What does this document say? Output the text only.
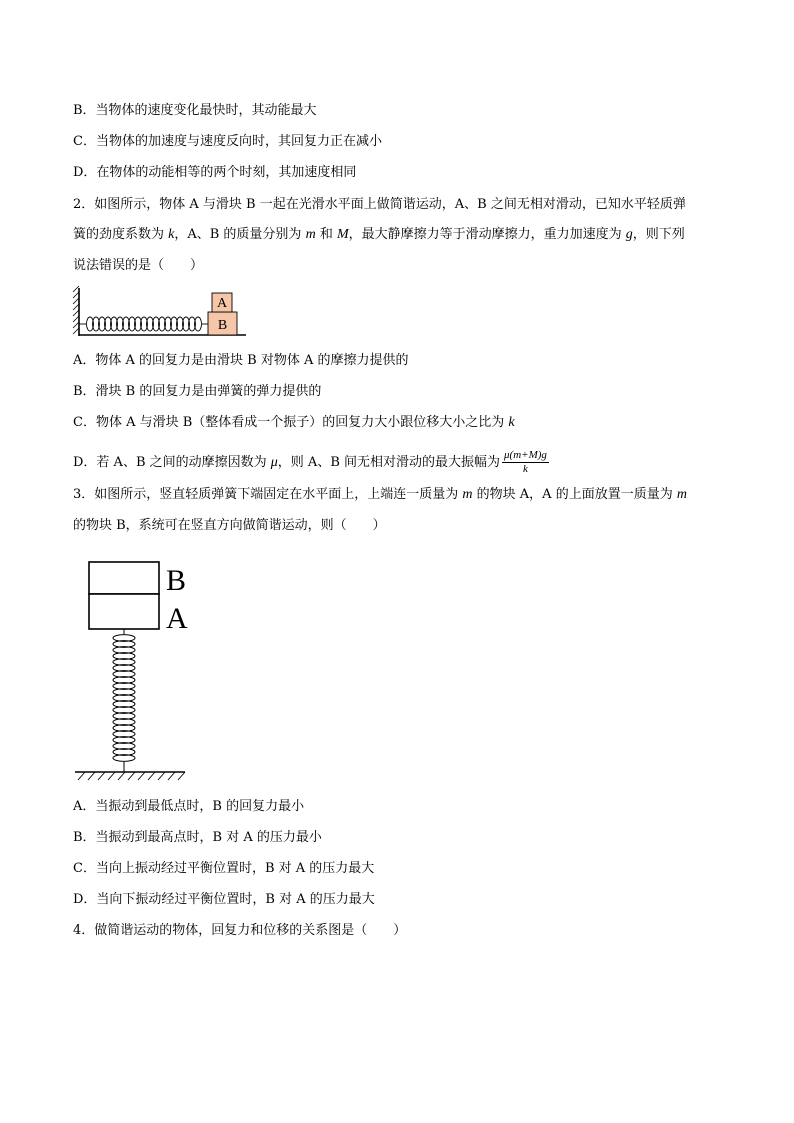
B．当物体的速度变化最快时，其动能最大
C．当物体的加速度与速度反向时，其回复力正在减小
D．在物体的动能相等的两个时刻，其加速度相同
2．如图所示，物体 A 与滑块 B 一起在光滑水平面上做简谐运动，A、B 之间无相对滑动，已知水平轻质弹
簧的劲度系数为 k，A、B 的质量分别为 m 和 M，最大静摩擦力等于滑动摩擦力，重力加速度为 g，则下列
说法错误的是（　　）
A
B
A．物体 A 的回复力是由滑块 B 对物体 A 的摩擦力提供的
B．滑块 B 的回复力是由弹簧的弹力提供的
C．物体 A 与滑块 B（整体看成一个振子）的回复力大小跟位移大小之比为 k
D．若 A、B 之间的动摩擦因数为 μ，则 A、B 间无相对滑动的最大振幅为 $\frac{\mu(m+M)g}{k}$
3．如图所示，竖直轻质弹簧下端固定在水平面上，上端连一质量为 m 的物块 A，A 的上面放置一质量为 m
的物块 B，系统可在竖直方向做简谐运动，则（　　）
B
A
A．当振动到最低点时，B 的回复力最小
B．当振动到最高点时，B 对 A 的压力最小
C．当向上振动经过平衡位置时，B 对 A 的压力最大
D．当向下振动经过平衡位置时，B 对 A 的压力最大
4．做简谐运动的物体，回复力和位移的关系图是（　　）
